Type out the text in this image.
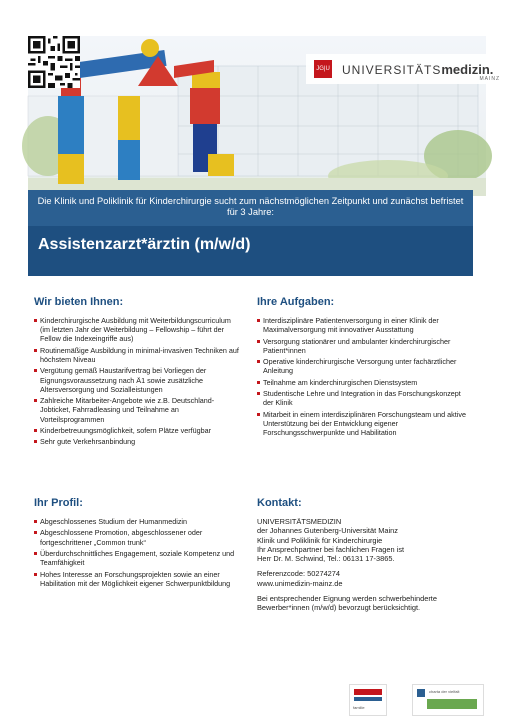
JG|U UNIVERSITÄTSmedizin.
MAINZ
Die Klinik und Poliklinik für Kinderchirurgie sucht zum nächstmöglichen Zeitpunkt und zunächst befristet für 3 Jahre:
Assistenzarzt*ärztin (m/w/d)
Wir bieten Ihnen:
Kinderchirurgische Ausbildung mit Weiterbildungscurriculum (im letzten Jahr der Weiterbildung – Fellowship – führt der Fellow die Indexeingriffe aus)
Routinemäßige Ausbildung in minimal-invasiven Techniken auf höchstem Niveau
Vergütung gemäß Haustarifvertrag bei Vorliegen der Eignungsvoraussetzung nach Ä1 sowie zusätzliche Altersversorgung und Sozialleistungen
Zahlreiche Mitarbeiter-Angebote wie z.B. Deutschland-Jobticket, Fahrradleasing und Teilnahme an Vorteilsprogrammen
Kinderbetreuungsmöglichkeit, sofern Plätze verfügbar
Sehr gute Verkehrsanbindung
Ihre Aufgaben:
Interdisziplinäre Patientenversorgung in einer Klinik der Maximalversorgung mit innovativer Ausstattung
Versorgung stationärer und ambulanter kinderchirurgischer Patient*innen
Operative kinderchirurgische Versorgung unter fachärztlicher Anleitung
Teilnahme am kinderchirurgischen Dienstsystem
Studentische Lehre und Integration in das Forschungskonzept der Klinik
Mitarbeit in einem interdisziplinären Forschungsteam und aktive Unterstützung bei der Entwicklung eigener Forschungsschwerpunkte und Habilitation
Ihr Profil:
Abgeschlossenes Studium der Humanmedizin
Abgeschlossene Promotion, abgeschlossener oder fortgeschrittener „Common trunk“
Überdurchschnittliches Engagement, soziale Kompetenz und Teamfähigkeit
Hohes Interesse an Forschungsprojekten sowie an einer Habilitation mit der Möglichkeit eigener Schwerpunktbildung
Kontakt:

UNIVERSITÄTSMEDIZIN

der Johannes Gutenberg-Universität Mainz

Klinik und Poliklinik für Kinderchirurgie

Ihr Ansprechpartner bei fachlichen Fragen ist

Herr Dr. M. Schwind, Tel.: 06131 17-3865.

Referenzcode: 50274274

www.unimedizin-mainz.de

Bei entsprechender Eignung werden schwerbehinderte Bewerber*innen (m/w/d) bevorzugt berücksichtigt.

familie
charta der vielfalt
